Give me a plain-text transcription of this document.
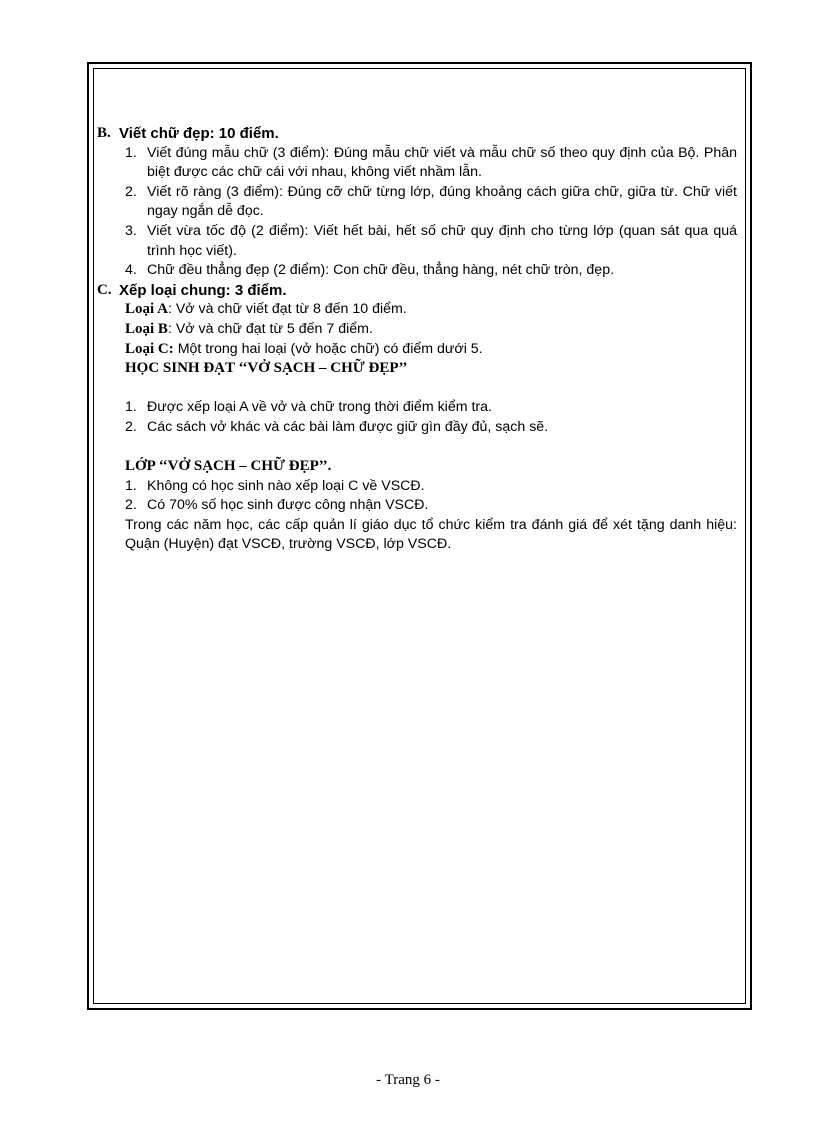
B. Viết chữ đẹp: 10 điểm.
1. Viết đúng mẫu chữ (3 điểm): Đúng mẫu chữ viết và mẫu chữ số theo quy định của Bộ. Phân biệt được các chữ cái với nhau, không viết nhầm lẫn.
2. Viết rõ ràng (3 điểm): Đúng cỡ chữ từng lớp, đúng khoảng cách giữa chữ, giữa từ. Chữ viết ngay ngắn dễ đọc.
3. Viết vừa tốc độ (2 điểm): Viết hết bài, hết số chữ quy định cho từng lớp (quan sát qua quá trình học viết).
4. Chữ đều thẳng đẹp (2 điểm): Con chữ đều, thẳng hàng, nét chữ tròn, đẹp.
C. Xếp loại chung: 3 điểm.
Loại A: Vở và chữ viết đạt từ 8 đến 10 điểm.
Loại B: Vở và chữ đạt từ 5 đến 7 điểm.
Loại C: Một trong hai loại (vở hoặc chữ) có điểm dưới 5.
HỌC SINH ĐẠT ‘‘VỞ SẠCH – CHỮ ĐẸP’’
1. Được xếp loại A về vở và chữ trong thời điểm kiểm tra.
2. Các sách vở khác và các bài làm được giữ gìn đầy đủ, sạch sẽ.
LỚP ‘‘VỞ SẠCH – CHỮ ĐẸP’’.
1. Không có học sinh nào xếp loại C về VSCĐ.
2. Có 70% số học sinh được công nhận VSCĐ.
Trong các năm học, các cấp quản lí giáo dục tổ chức kiểm tra đánh giá để xét tặng danh hiệu: Quận (Huyện) đạt VSCĐ, trường VSCĐ, lớp VSCĐ.
- Trang 6 -
